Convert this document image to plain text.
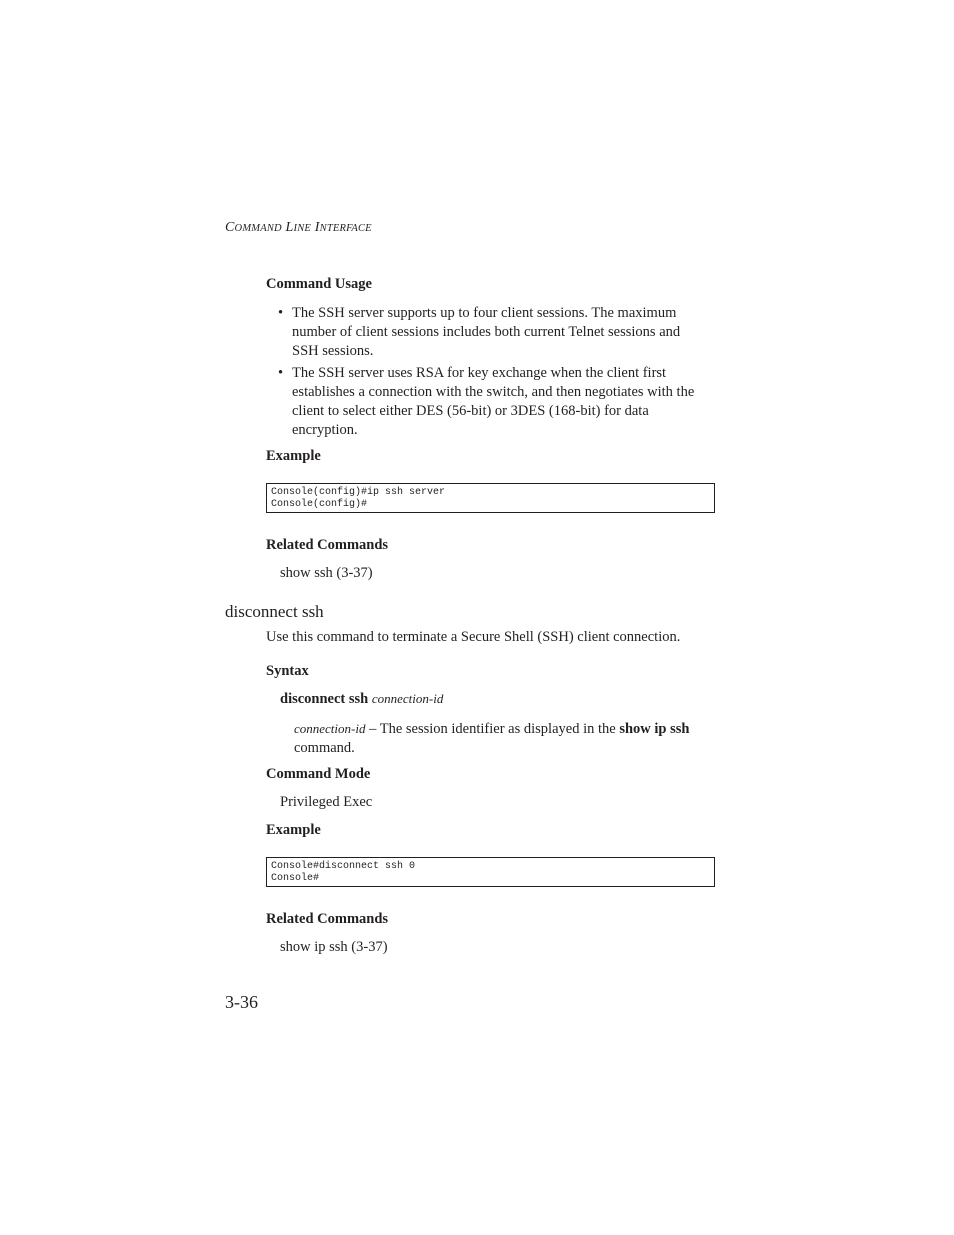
COMMAND LINE INTERFACE
Command Usage
• The SSH server supports up to four client sessions. The maximum
number of client sessions includes both current Telnet sessions and
SSH sessions.
• The SSH server uses RSA for key exchange when the client first
establishes a connection with the switch, and then negotiates with the
client to select either DES (56-bit) or 3DES (168-bit) for data
encryption.
Example
Console(config)#ip ssh server
Console(config)#
Related Commands
show ssh (3-37)
disconnect ssh
Use this command to terminate a Secure Shell (SSH) client connection.
Syntax
disconnect ssh connection-id
connection-id – The session identifier as displayed in the show ip ssh
command.
Command Mode
Privileged Exec
Example
Console#disconnect ssh 0
Console#
Related Commands
show ip ssh (3-37)
3-36
